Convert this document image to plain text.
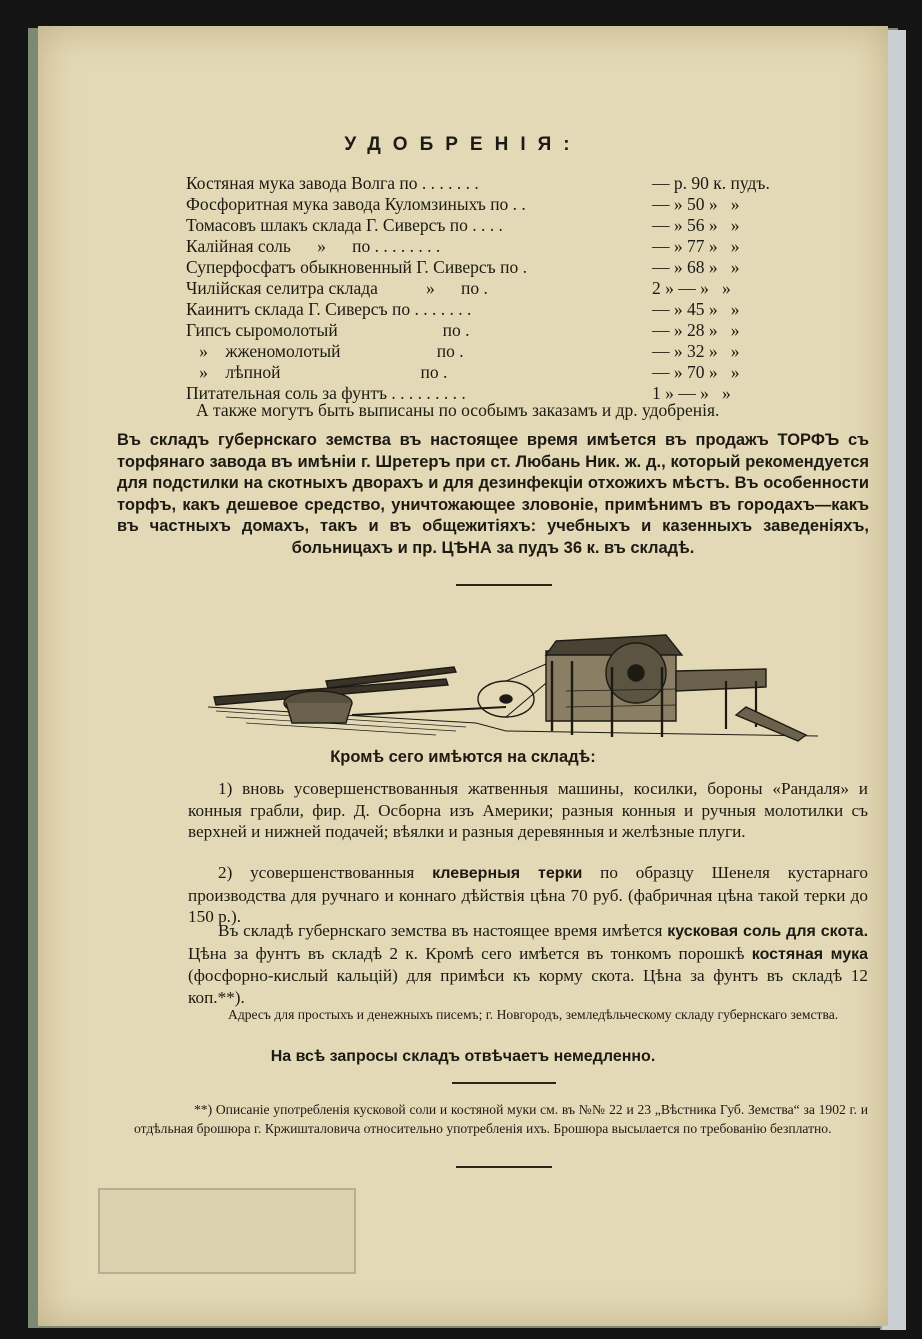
УДОБРЕНІЯ:
Костяная мука завода Волга по . . . . . . .	— р. 90 к. пудъ.
Фосфоритная мука завода Куломзиныхъ по . .	— » 50 »   »
Томасовъ шлакъ склада Г. Сиверсъ по . . . .	— » 56 »   »
Калійная соль      »      по . . . . . . . .	— » 77 »   »
Суперфосфатъ обыкновенный Г. Сиверсъ по .	— » 68 »   »
Чилійская селитра склада           »      по .	2 » — »   »
Каинитъ склада Г. Сиверсъ по . . . . . . .	— » 45 »   »
Гипсъ сыромолотый                        по .	— » 28 »   »
»    жженомолотый                      по .	— » 32 »   »
»    лѣпной                                по .	— » 70 »   »
Питательная соль за фунтъ . . . . . . . . .	1 » — »   »

А также могутъ быть выписаны по особымъ заказамъ и др. удобренія.

Въ складъ губернскаго земства въ настоящее время имѣется въ продажъ ТОРФЪ съ торфянаго завода въ имѣніи г. Шретеръ при ст. Любань Ник. ж. д., который рекомендуется для подстилки на скотныхъ дворахъ и для дезинфекціи отхожихъ мѣстъ. Въ особенности торфъ, какъ дешевое средство, уничтожающее зловоніе, примѣнимъ въ городахъ—какъ въ частныхъ домахъ, такъ и въ общежитіяхъ: учебныхъ и казенныхъ заведеніяхъ, больницахъ и пр. ЦѢНА за пудъ 36 к. въ складѣ.

Кромѣ сего имѣются на складѣ:

1) вновь усовершенствованныя жатвенныя машины, косилки, бороны «Рандаля» и конныя грабли, фир. Д. Осборна изъ Америки; разныя конныя и ручныя молотилки съ верхней и нижней подачей; вѣялки и разныя деревянныя и желѣзные плуги.

2) усовершенствованныя клеверныя терки по образцу Шенеля кустарнаго производства для ручнаго и коннаго дѣйствія цѣна 70 руб. (фабричная цѣна такой терки до 150 р.).

Въ складѣ губернскаго земства въ настоящее время имѣется кусковая соль для скота. Цѣна за фунтъ въ складѣ 2 к. Кромѣ сего имѣется въ тонкомъ порошкѣ костяная мука (фосфорно-кислый кальцій) для примѣси къ корму скота. Цѣна за фунтъ въ складѣ 12 коп.**).

Адресъ для простыхъ и денежныхъ писемъ; г. Новгородъ, земледѣльческому складу губернскаго земства.

На всѣ запросы складъ отвѣчаетъ немедленно.

**) Описаніе употребленія кусковой соли и костяной муки см. въ №№ 22 и 23 „Вѣстника Губ. Земства“ за 1902 г. и отдѣльная брошюра г. Кржишталовича относительно употребленія ихъ. Брошюра высылается по требованію безплатно.
